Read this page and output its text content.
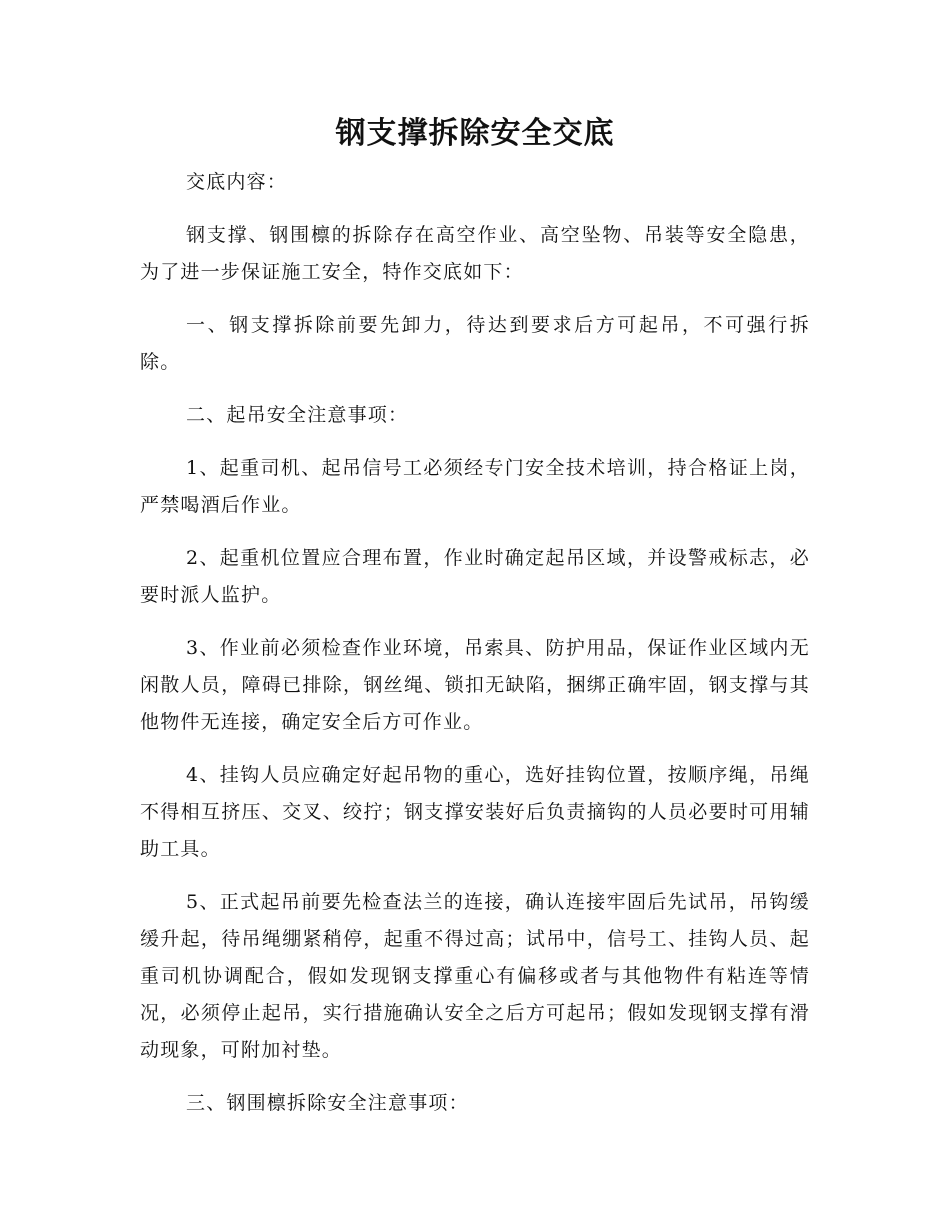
钢支撑拆除安全交底

交底内容：

钢支撑、钢围檩的拆除存在高空作业、高空坠物、吊装等安全隐患，为了进一步保证施工安全，特作交底如下：

一、钢支撑拆除前要先卸力，待达到要求后方可起吊，不可强行拆除。

二、起吊安全注意事项：

1、起重司机、起吊信号工必须经专门安全技术培训，持合格证上岗，严禁喝酒后作业。

2、起重机位置应合理布置，作业时确定起吊区域，并设警戒标志，必要时派人监护。

3、作业前必须检查作业环境，吊索具、防护用品，保证作业区域内无闲散人员，障碍已排除，钢丝绳、锁扣无缺陷，捆绑正确牢固，钢支撑与其他物件无连接，确定安全后方可作业。

4、挂钩人员应确定好起吊物的重心，选好挂钩位置，按顺序绳，吊绳不得相互挤压、交叉、绞拧；钢支撑安装好后负责摘钩的人员必要时可用辅助工具。

5、正式起吊前要先检查法兰的连接，确认连接牢固后先试吊，吊钩缓缓升起，待吊绳绷紧稍停，起重不得过高；试吊中，信号工、挂钩人员、起重司机协调配合，假如发现钢支撑重心有偏移或者与其他物件有粘连等情况，必须停止起吊，实行措施确认安全之后方可起吊；假如发现钢支撑有滑动现象，可附加衬垫。

三、钢围檩拆除安全注意事项：
